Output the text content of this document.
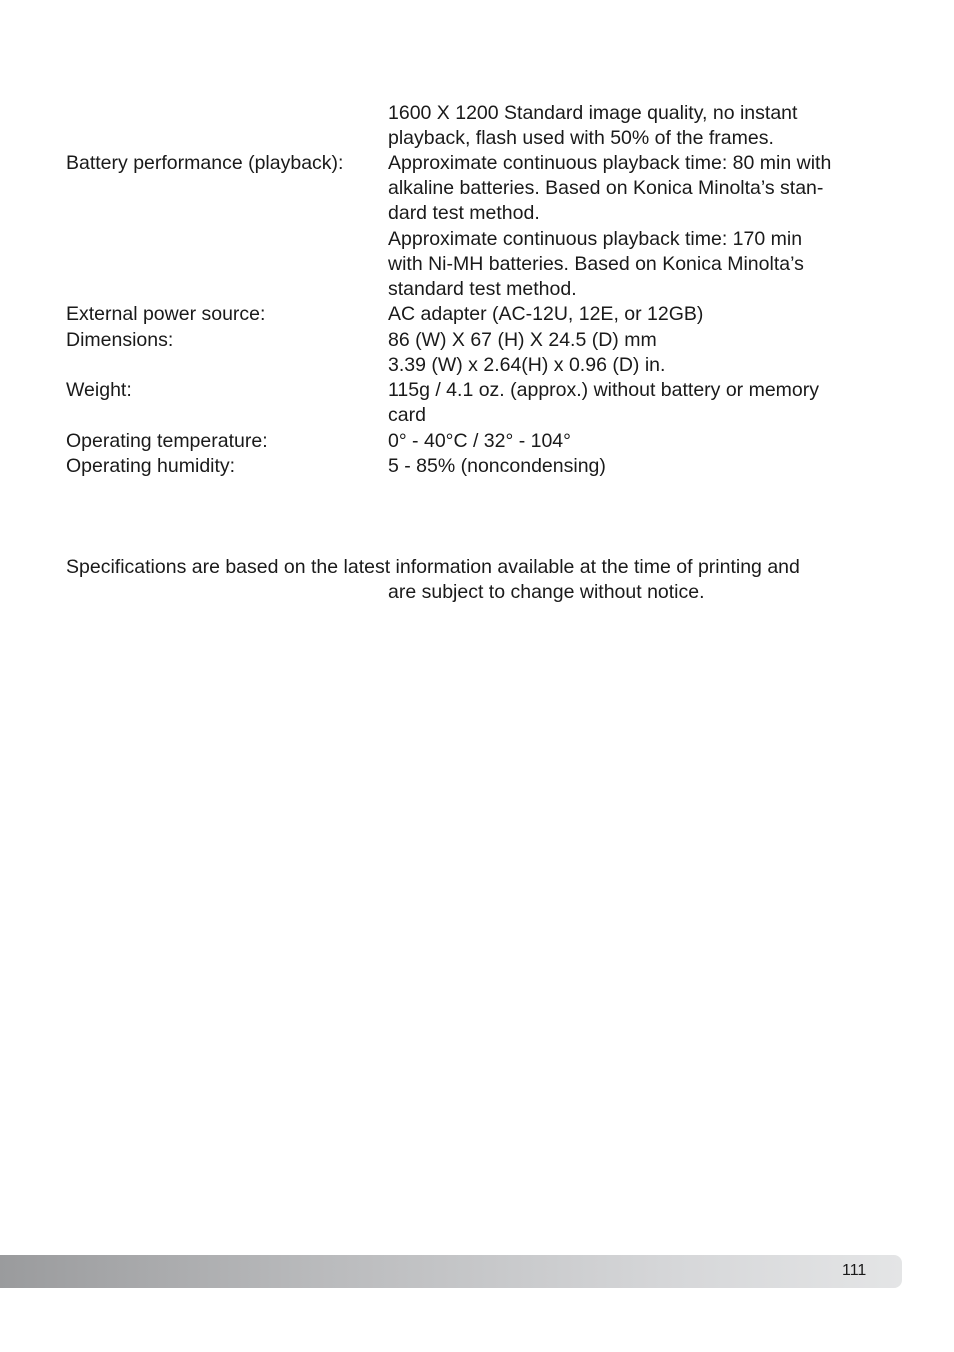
1600 X 1200 Standard image quality, no instant
playback, flash used with 50% of the frames.
Battery performance (playback): Approximate continuous playback time: 80 min with
alkaline batteries. Based on Konica Minolta’s stan-
dard test method.
Approximate continuous playback time: 170 min
with Ni-MH batteries. Based on Konica Minolta’s
standard test method.
External power source:	AC adapter (AC-12U, 12E, or 12GB)
Dimensions:	86 (W) X 67 (H) X 24.5 (D) mm
3.39 (W) x 2.64(H) x 0.96 (D) in.
Weight:	115g / 4.1 oz. (approx.) without battery or memory
card
Operating temperature:	0° - 40°C / 32° - 104°
Operating humidity:	5 - 85% (noncondensing)
Specifications are based on the latest information available at the time of printing and
are subject to change without notice.
111
